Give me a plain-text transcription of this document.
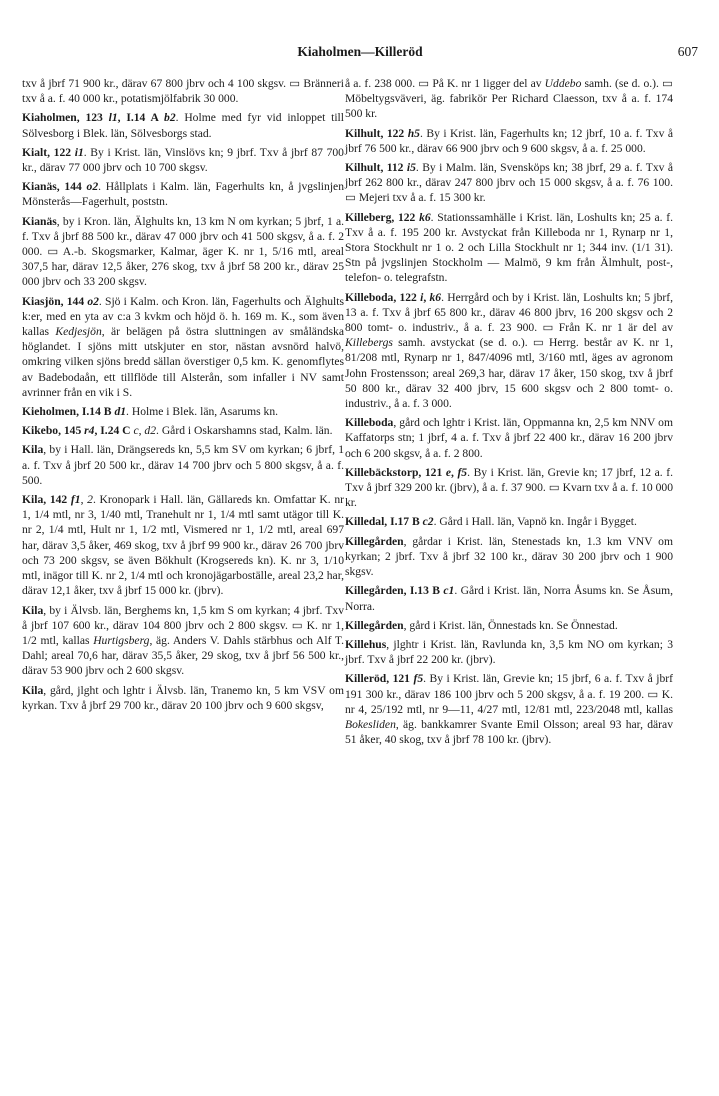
Kiaholmen—Killeröd	607

txv å jbrf 71 900 kr., därav 67 800 jbrv och 4 100 skgsv. ▭ Bränneri txv å a. f. 40 000 kr., potatismjölfabrik 30 000.

Kiaholmen, 123 l1, I.14 A b2. Holme med fyr vid inloppet till Sölvesborg i Blek. län, Sölvesborgs stad.

Kialt, 122 i1. By i Krist. län, Vinslövs kn; 9 jbrf. Txv å jbrf 87 700 kr., därav 77 000 jbrv och 10 700 skgsv.

Kianäs, 144 o2. Hållplats i Kalm. län, Fagerhults kn, å jvgslinjen Mönsterås—Fagerhult, poststn.

Kianäs, by i Kron. län, Älghults kn, 13 km N om kyrkan; 5 jbrf, 1 a. f. Txv å jbrf 88 500 kr., därav 47 000 jbrv och 41 500 skgsv, å a. f. 2 000. ▭ A.-b. Skogsmarker, Kalmar, äger K. nr 1, 5/16 mtl, areal 307,5 har, därav 12,5 åker, 276 skog, txv å jbrf 58 200 kr., därav 25 000 jbrv och 33 200 skgsv.

Kiasjön, 144 o2. Sjö i Kalm. och Kron. län, Fagerhults och Älghults k:er, med en yta av c:a 3 kvkm och höjd ö. h. 169 m. K., som även kallas Kedjesjön, är belägen på östra sluttningen av småländska höglandet. I sjöns mitt utskjuter en stor, nästan avsnörd halvö, omkring vilken sjöns bredd sällan överstiger 0,5 km. K. genomflytes av Badebodaån, ett tillflöde till Alsterån, som infaller i NV samt avrinner från en vik i S.

Kieholmen, I.14 B d1. Holme i Blek. län, Asarums kn.

Kikebo, 145 r4, I.24 C c, d2. Gård i Oskarshamns stad, Kalm. län.

Kila, by i Hall. län, Drängsereds kn, 5,5 km SV om kyrkan; 6 jbrf, 1 a. f. Txv å jbrf 20 500 kr., därav 14 700 jbrv och 5 800 skgsv, å a. f. 500.

Kila, 142 f1, 2. Kronopark i Hall. län, Gällareds kn. Omfattar K. nr 1, 1/4 mtl, nr 3, 1/40 mtl, Tranehult nr 1, 1/4 mtl samt utägor till K. nr 2, 1/4 mtl, Hult nr 1, 1/2 mtl, Vismered nr 1, 1/2 mtl, areal 697 har, därav 3,5 åker, 469 skog, txv å jbrf 99 900 kr., därav 26 700 jbrv och 73 200 skgsv, se även Bökhult (Krogsereds kn). K. nr 3, 1/10 mtl, inägor till K. nr 2, 1/4 mtl och kronojägarboställe, areal 23,2 har, därav 12,1 åker, txv å jbrf 15 000 kr. (jbrv).

Kila, by i Älvsb. län, Berghems kn, 1,5 km S om kyrkan; 4 jbrf. Txv å jbrf 107 600 kr., därav 104 800 jbrv och 2 800 skgsv. ▭ K. nr 1, 1/2 mtl, kallas Hurtigsberg, äg. Anders V. Dahls stärbhus och Alf T. Dahl; areal 70,6 har, därav 35,5 åker, 29 skog, txv å jbrf 56 500 kr., därav 53 900 jbrv och 2 600 skgsv.

Kila, gård, jlght och lghtr i Älvsb. län, Tranemo kn, 5 km VSV om kyrkan. Txv å jbrf 29 700 kr., därav 20 100 jbrv och 9 600 skgsv,

å a. f. 238 000. ▭ På K. nr 1 ligger del av Uddebo samh. (se d. o.). ▭ Möbeltygsväveri, äg. fabrikör Per Richard Claesson, txv å a. f. 174 500 kr.

Kilhult, 122 h5. By i Krist. län, Fagerhults kn; 12 jbrf, 10 a. f. Txv å jbrf 76 500 kr., därav 66 900 jbrv och 9 600 skgsv, å a. f. 25 000.

Kilhult, 112 i5. By i Malm. län, Svensköps kn; 38 jbrf, 29 a. f. Txv å jbrf 262 800 kr., därav 247 800 jbrv och 15 000 skgsv, å a. f. 76 100. ▭ Mejeri txv å a. f. 15 300 kr.

Killeberg, 122 k6. Stationssamhälle i Krist. län, Loshults kn; 25 a. f. Txv å a. f. 195 200 kr. Avstyckat från Killeboda nr 1, Rynarp nr 1, Stora Stockhult nr 1 o. 2 och Lilla Stockhult nr 1; 344 inv. (1/1 31). Stn på jvgslinjen Stockholm — Malmö, 9 km från Älmhult, post-, telefon- o. telegrafstn.

Killeboda, 122 i, k6. Herrgård och by i Krist. län, Loshults kn; 5 jbrf, 13 a. f. Txv å jbrf 65 800 kr., därav 46 800 jbrv, 16 200 skgsv och 2 800 tomt- o. industriv., å a. f. 23 900. ▭ Från K. nr 1 är del av Killebergs samh. avstyckat (se d. o.). ▭ Herrg. består av K. nr 1, 81/208 mtl, Rynarp nr 1, 847/4096 mtl, 3/160 mtl, äges av agronom John Frostensson; areal 269,3 har, därav 17 åker, 150 skog, txv å jbrf 50 800 kr., därav 32 400 jbrv, 15 600 skgsv och 2 800 tomt- o. industriv., å a. f. 3 000.

Killeboda, gård och lghtr i Krist. län, Oppmanna kn, 2,5 km NNV om Kaffatorps stn; 1 jbrf, 4 a. f. Txv å jbrf 22 400 kr., därav 16 200 jbrv och 6 200 skgsv, å a. f. 2 800.

Killebäckstorp, 121 e, f5. By i Krist. län, Grevie kn; 17 jbrf, 12 a. f. Txv å jbrf 329 200 kr. (jbrv), å a. f. 37 900. ▭ Kvarn txv å a. f. 10 000 kr.

Killedal, I.17 B c2. Gård i Hall. län, Vapnö kn. Ingår i Bygget.

Killegården, gårdar i Krist. län, Stenestads kn, 1.3 km VNV om kyrkan; 2 jbrf. Txv å jbrf 32 100 kr., därav 30 200 jbrv och 1 900 skgsv.

Killegården, I.13 B c1. Gård i Krist. län, Norra Åsums kn. Se Åsum, Norra.

Killegården, gård i Krist. län, Önnestads kn. Se Önnestad.

Killehus, jlghtr i Krist. län, Ravlunda kn, 3,5 km NO om kyrkan; 3 jbrf. Txv å jbrf 22 200 kr. (jbrv).

Killeröd, 121 f5. By i Krist. län, Grevie kn; 15 jbrf, 6 a. f. Txv å jbrf 191 300 kr., därav 186 100 jbrv och 5 200 skgsv, å a. f. 19 200. ▭ K. nr 4, 25/192 mtl, nr 9—11, 4/27 mtl, 12/81 mtl, 223/2048 mtl, kallas Bokesliden, äg. bankkamrer Svante Emil Olsson; areal 93 har, därav 51 åker, 40 skog, txv å jbrf 78 100 kr. (jbrv).
